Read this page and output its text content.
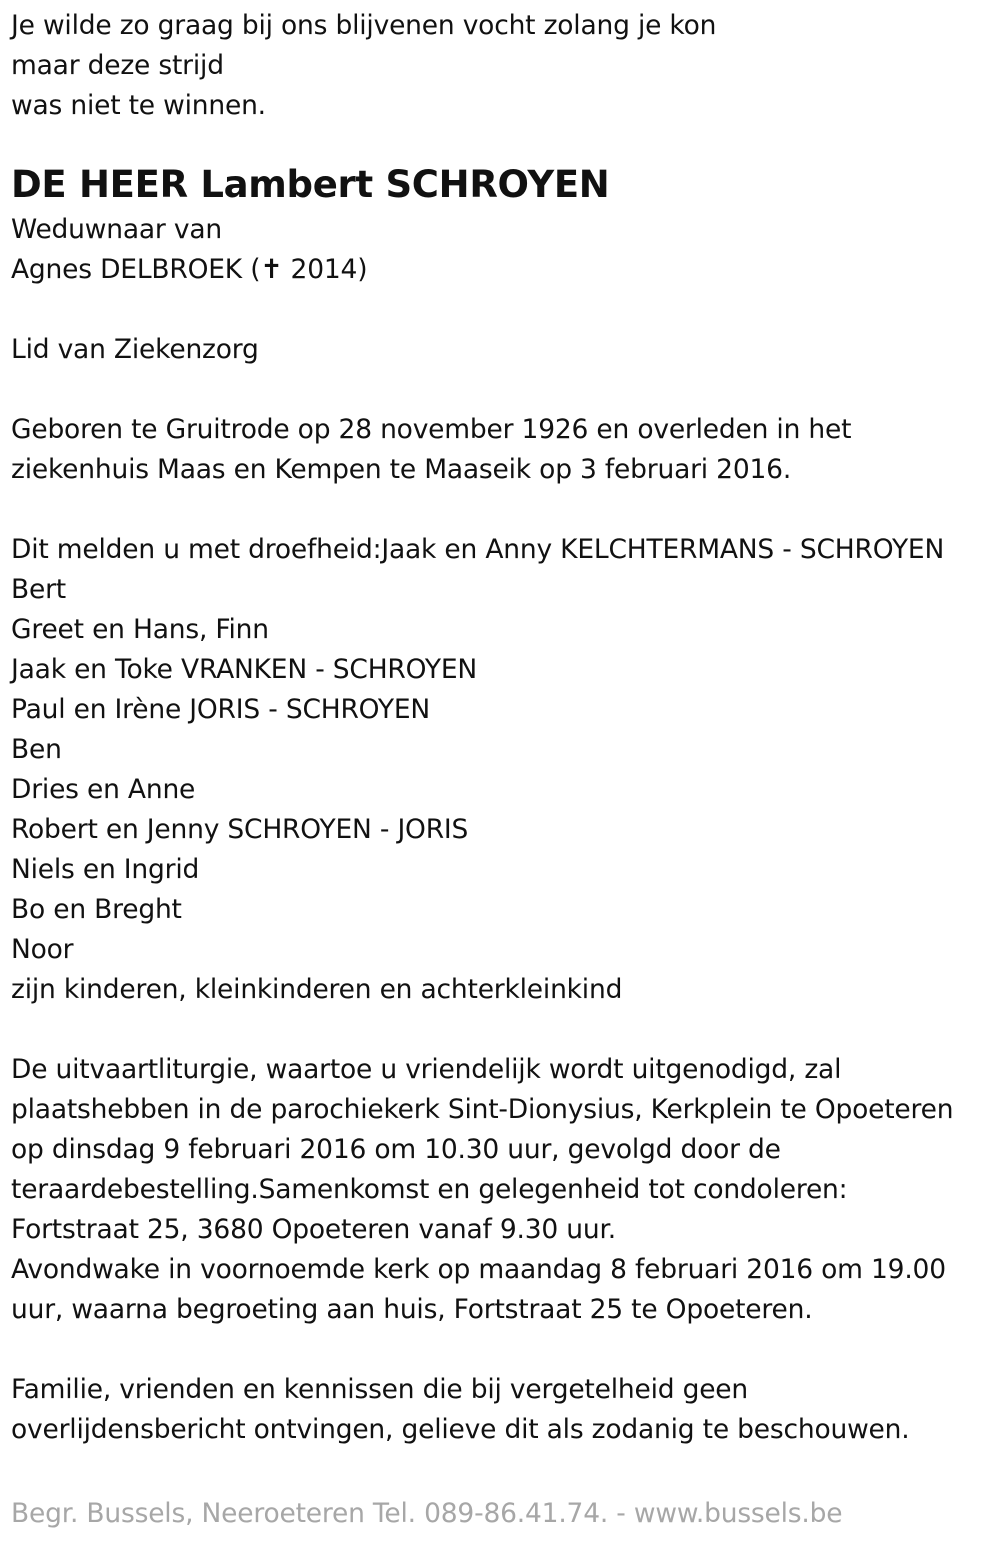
Je wilde zo graag bij ons blijvenen vocht zolang je kon
maar deze strijd
was niet te winnen.
DE HEER Lambert SCHROYEN
Weduwnaar van
Agnes DELBROEK (✝ 2014)
Lid van Ziekenzorg
Geboren te Gruitrode op 28 november 1926 en overleden in het
ziekenhuis Maas en Kempen te Maaseik op 3 februari 2016.
Dit melden u met droefheid:Jaak en Anny KELCHTERMANS - SCHROYEN
Bert
Greet en Hans, Finn
Jaak en Toke VRANKEN - SCHROYEN
Paul en Irène JORIS - SCHROYEN
Ben
Dries en Anne
Robert en Jenny SCHROYEN - JORIS
Niels en Ingrid
Bo en Breght
Noor
zijn kinderen, kleinkinderen en achterkleinkind
De uitvaartliturgie, waartoe u vriendelijk wordt uitgenodigd, zal
plaatshebben in de parochiekerk Sint-Dionysius, Kerkplein te Opoeteren
op dinsdag 9 februari 2016 om 10.30 uur, gevolgd door de
teraardebestelling.Samenkomst en gelegenheid tot condoleren:
Fortstraat 25, 3680 Opoeteren vanaf 9.30 uur.
Avondwake in voornoemde kerk op maandag 8 februari 2016 om 19.00
uur, waarna begroeting aan huis, Fortstraat 25 te Opoeteren.
Familie, vrienden en kennissen die bij vergetelheid geen
overlijdensbericht ontvingen, gelieve dit als zodanig te beschouwen.
Begr. Bussels, Neeroeteren Tel. 089-86.41.74. - www.bussels.be
